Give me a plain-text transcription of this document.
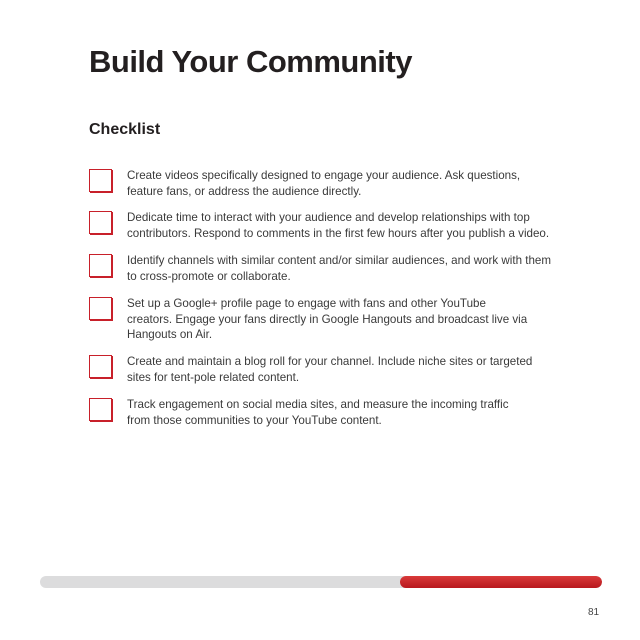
Build Your Community
Checklist
Create videos specifically designed to engage your audience. Ask questions, feature fans, or address the audience directly.
Dedicate time to interact with your audience and develop relationships with top contributors. Respond to comments in the first few hours after you publish a video.
Identify channels with similar content and/or similar audiences, and work with them to cross-promote or collaborate.
Set up a Google+ profile page to engage with fans and other YouTube creators. Engage your fans directly in Google Hangouts and broadcast live via Hangouts on Air.
Create and maintain a blog roll for your channel. Include niche sites or targeted sites for tent-pole related content.
Track engagement on social media sites, and measure the incoming traffic from those communities to your YouTube content.
81
